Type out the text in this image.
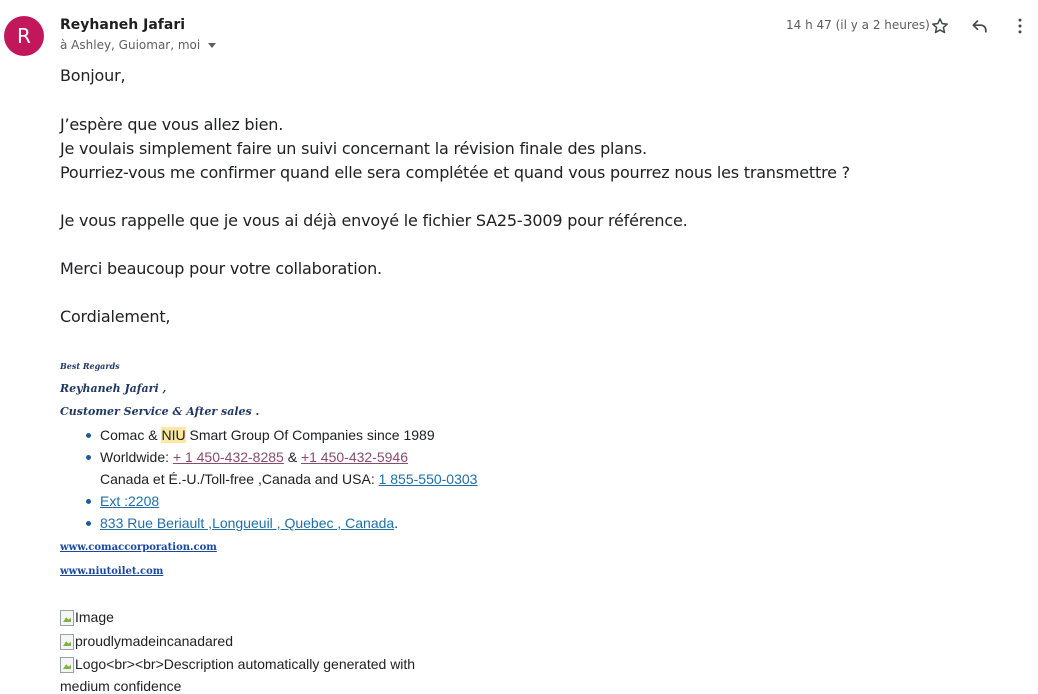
R Reyhaneh Jafari
à Ashley, Guiomar, moi
14 h 47 (il y a 2 heures)
Bonjour,
J’espère que vous allez bien.
Je voulais simplement faire un suivi concernant la révision finale des plans.
Pourriez-vous me confirmer quand elle sera complétée et quand vous pourrez nous les transmettre ?
Je vous rappelle que je vous ai déjà envoyé le fichier SA25-3009 pour référence.
Merci beaucoup pour votre collaboration.
Cordialement,
Best Regards
Reyhaneh Jafari ,
Customer Service & After sales .
Comac & NIU Smart Group Of Companies since 1989
Worldwide: + 1 450-432-8285 & +1 450-432-5946
Canada et É.-U./Toll-free ,Canada and USA: 1 855-550-0303
Ext :2208
833 Rue Beriault ,Longueuil , Quebec , Canada.
www.comaccorporation.com
www.niutoilet.com
Image
proudlymadeincanadared
Logo<br><br>Description automatically generated with
medium confidence
